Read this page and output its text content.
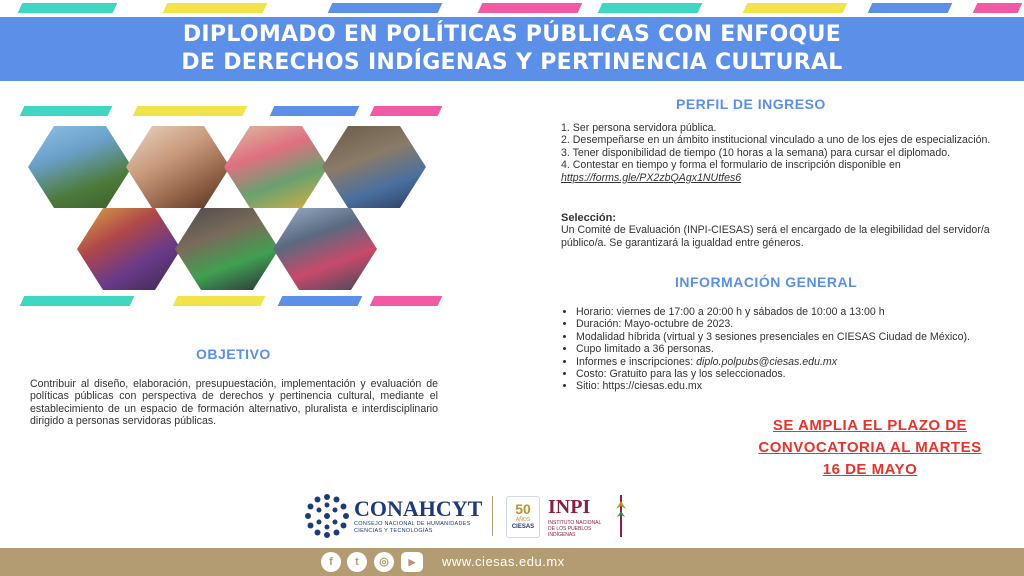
DIPLOMADO EN POLÍTICAS PÚBLICAS CON ENFOQUE
DE DERECHOS INDÍGENAS Y PERTINENCIA CULTURAL
OBJETIVO
Contribuir al diseño, elaboración, presupuestación, implementación y evaluación de políticas públicas con perspectiva de derechos y pertinencia cultural, mediante el establecimiento de un espacio de formación alternativo, pluralista e interdisciplinario dirigido a personas servidoras públicas.
PERFIL DE INGRESO
1. Ser persona servidora pública.
2. Desempeñarse en un ámbito institucional vinculado a uno de los ejes de especialización.
3. Tener disponibilidad de tiempo (10 horas a la semana) para cursar el diplomado.
4. Contestar en tiempo y forma el formulario de inscripción disponible en
https://forms.gle/PX2zbQAgx1NUtfes6
Selección:
Un Comité de Evaluación (INPI-CIESAS) será el encargado de la elegibilidad del servidor/a público/a. Se garantizará la igualdad entre géneros.
INFORMACIÓN GENERAL
• Horario: viernes de 17:00 a 20:00 h y sábados de 10:00 a 13:00 h
• Duración: Mayo-octubre de 2023.
• Modalidad híbrida (virtual y 3 sesiones presenciales en CIESAS Ciudad de México).
• Cupo limitado a 36 personas.
• Informes e inscripciones: diplo.polpubs@ciesas.edu.mx
• Costo: Gratuito para las y los seleccionados.
• Sitio: https://ciesas.edu.mx
SE AMPLIA EL PLAZO DE
CONVOCATORIA AL MARTES
16 DE MAYO
CONAHCYT
CONSEJO NACIONAL DE HUMANIDADES
CIENCIAS Y TECNOLOGÍAS
50
AÑOS
CIESAS
INPI
INSTITUTO NACIONAL
DE LOS PUEBLOS
INDÍGENAS
f	t	◎	▶	www.ciesas.edu.mx
